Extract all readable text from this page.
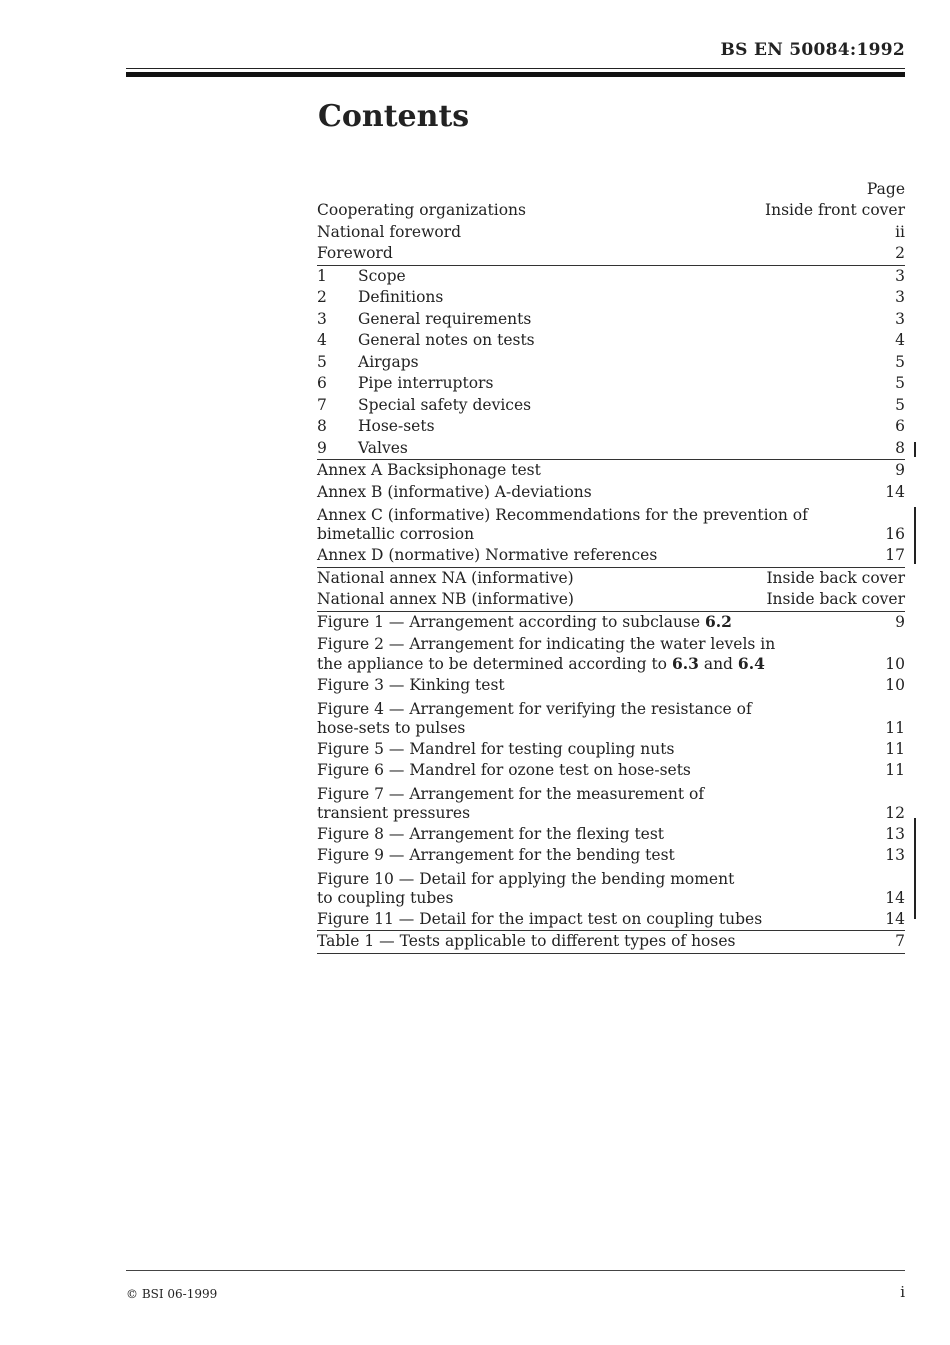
BS EN 50084:1992
Contents
Page
Cooperating organizations	Inside front cover
National foreword	ii
Foreword	2
1	Scope	3
2	Definitions	3
3	General requirements	3
4	General notes on tests	4
5	Airgaps	5
6	Pipe interruptors	5
7	Special safety devices	5
8	Hose-sets	6
9	Valves	8
Annex A Backsiphonage test	9
Annex B (informative) A-deviations	14
Annex C (informative) Recommendations for the prevention of
bimetallic corrosion	16
Annex D (normative) Normative references	17
National annex NA (informative)	Inside back cover
National annex NB (informative)	Inside back cover
Figure 1 — Arrangement according to subclause 6.2	9
Figure 2 — Arrangement for indicating the water levels in
the appliance to be determined according to 6.3 and 6.4	10
Figure 3 — Kinking test	10
Figure 4 — Arrangement for verifying the resistance of
hose-sets to pulses	11
Figure 5 — Mandrel for testing coupling nuts	11
Figure 6 — Mandrel for ozone test on hose-sets	11
Figure 7 — Arrangement for the measurement of
transient pressures	12
Figure 8 — Arrangement for the flexing test	13
Figure 9 — Arrangement for the bending test	13
Figure 10 — Detail for applying the bending moment
to coupling tubes	14
Figure 11 — Detail for the impact test on coupling tubes	14
Table 1 — Tests applicable to different types of hoses	7
© BSI 06-1999	i
